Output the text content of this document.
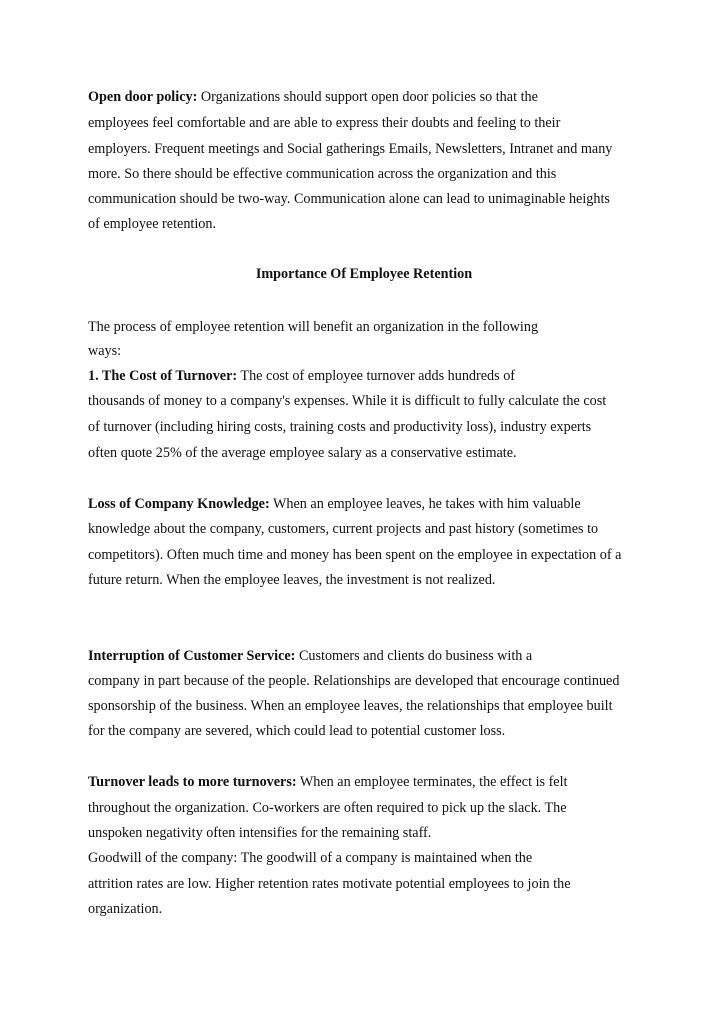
Open door policy: Organizations should support open door policies so that the
employees feel comfortable and are able to express their doubts and feeling to their
employers. Frequent meetings and Social gatherings Emails, Newsletters, Intranet and many
more. So there should be effective communication across the organization and this
communication should be two-way. Communication alone can lead to unimaginable heights
of employee retention.
Importance Of Employee Retention
The process of employee retention will benefit an organization in the following
ways:
1. The Cost of Turnover: The cost of employee turnover adds hundreds of
thousands of money to a company's expenses. While it is difficult to fully calculate the cost
of turnover (including hiring costs, training costs and productivity loss), industry experts
often quote 25% of the average employee salary as a conservative estimate.
Loss of Company Knowledge: When an employee leaves, he takes with him valuable
knowledge about the company, customers, current projects and past history (sometimes to
competitors). Often much time and money has been spent on the employee in expectation of a
future return. When the employee leaves, the investment is not realized.
Interruption of Customer Service: Customers and clients do business with a
company in part because of the people. Relationships are developed that encourage continued
sponsorship of the business. When an employee leaves, the relationships that employee built
for the company are severed, which could lead to potential customer loss.
Turnover leads to more turnovers: When an employee terminates, the effect is felt
throughout the organization. Co-workers are often required to pick up the slack. The
unspoken negativity often intensifies for the remaining staff.
Goodwill of the company: The goodwill of a company is maintained when the
attrition rates are low. Higher retention rates motivate potential employees to join the
organization.
